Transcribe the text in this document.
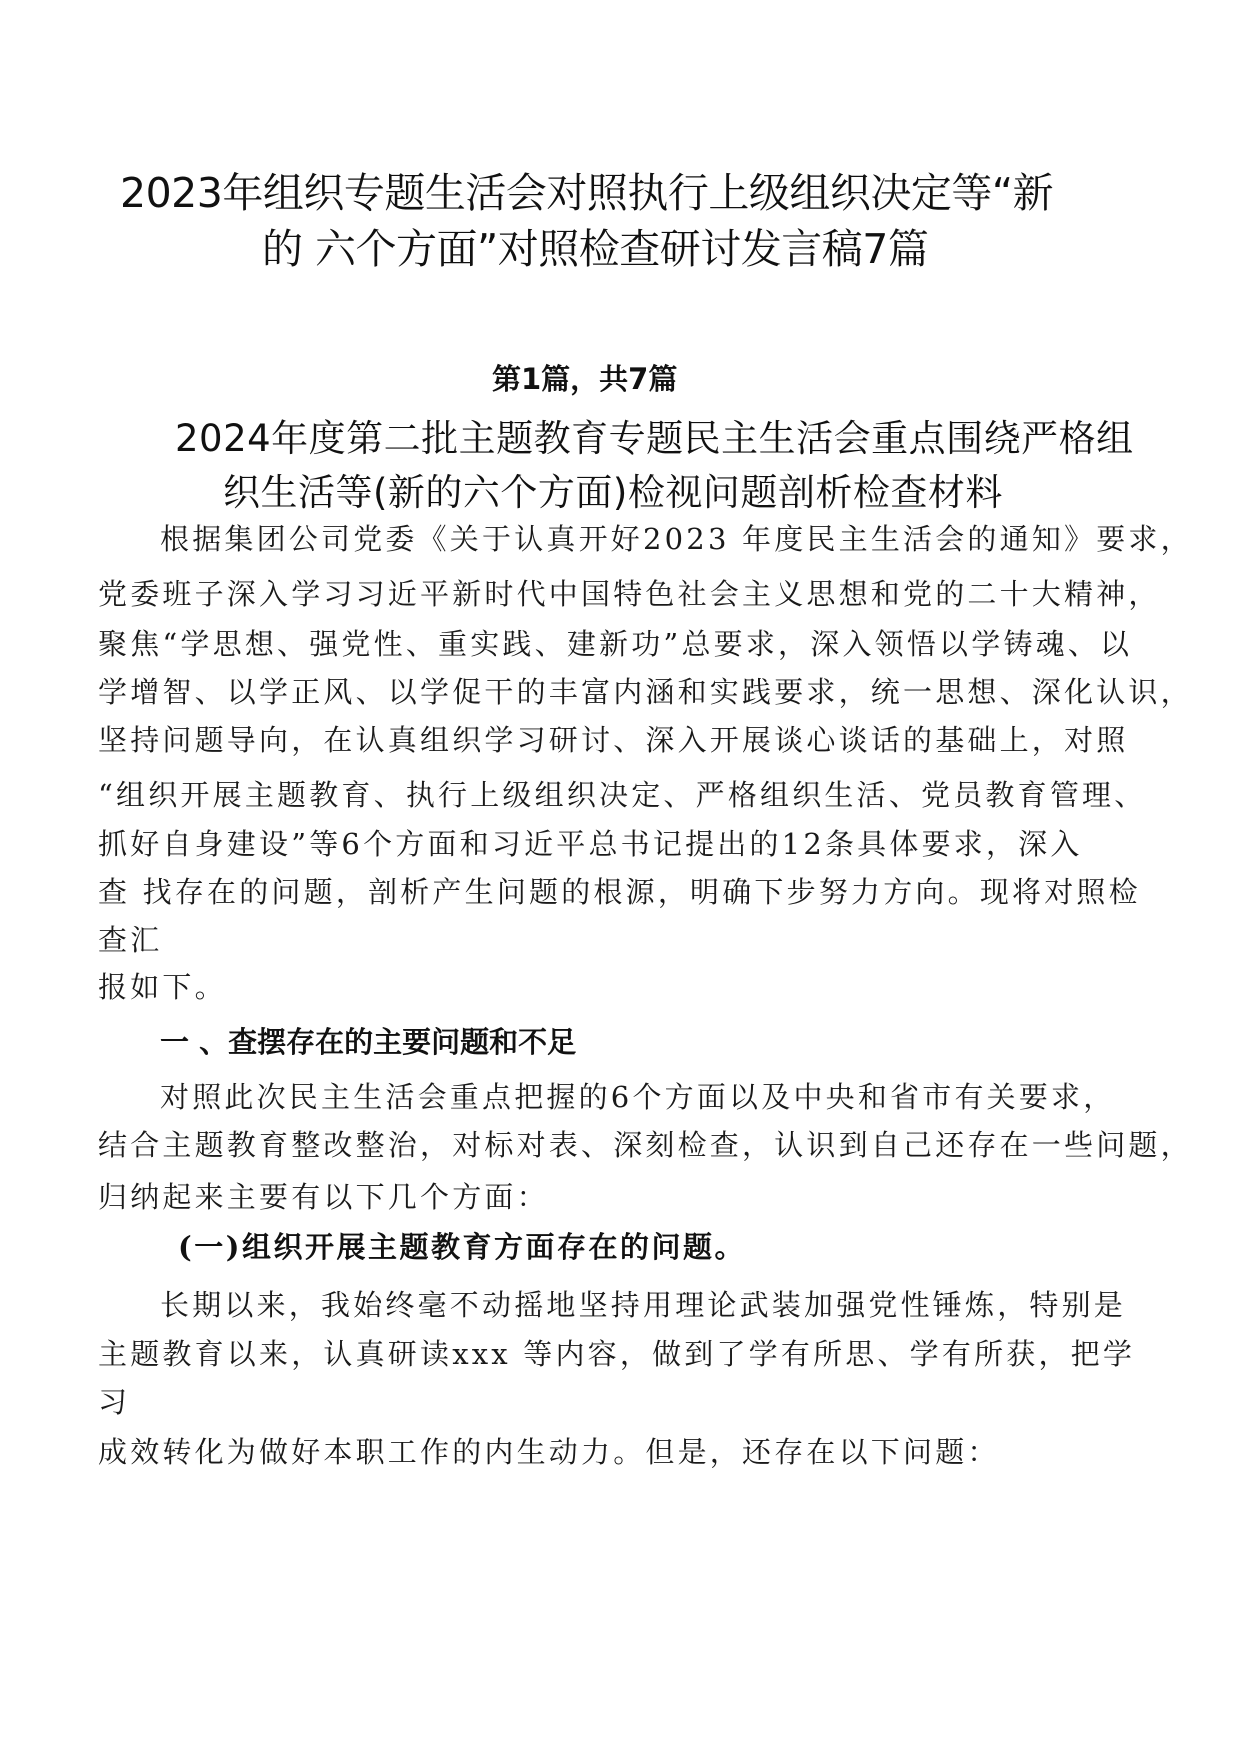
2023年组织专题生活会对照执行上级组织决定等“新
的 六个方面”对照检查研讨发言稿7篇
第1篇，共7篇
2024年度第二批主题教育专题民主生活会重点围绕严格组
织生活等(新的六个方面)检视问题剖析检查材料
根据集团公司党委《关于认真开好2023 年度民主生活会的通知》要求，
党委班子深入学习习近平新时代中国特色社会主义思想和党的二十大精神，
聚焦“学思想、强党性、重实践、建新功”总要求，深入领悟以学铸魂、以
学增智、以学正风、以学促干的丰富内涵和实践要求，统一思想、深化认识，
坚持问题导向，在认真组织学习研讨、深入开展谈心谈话的基础上，对照
“组织开展主题教育、执行上级组织决定、严格组织生活、党员教育管理、
抓好自身建设”等6个方面和习近平总书记提出的12条具体要求，深入
查 找存在的问题，剖析产生问题的根源，明确下步努力方向。现将对照检
查汇
报如下。
一 、查摆存在的主要问题和不足
对照此次民主生活会重点把握的6个方面以及中央和省市有关要求，
结合主题教育整改整治，对标对表、深刻检查，认识到自己还存在一些问题，
归纳起来主要有以下几个方面：
(一)组织开展主题教育方面存在的问题。
长期以来，我始终毫不动摇地坚持用理论武装加强党性锤炼，特别是
主题教育以来，认真研读xxx 等内容，做到了学有所思、学有所获，把学
习
成效转化为做好本职工作的内生动力。但是，还存在以下问题：
